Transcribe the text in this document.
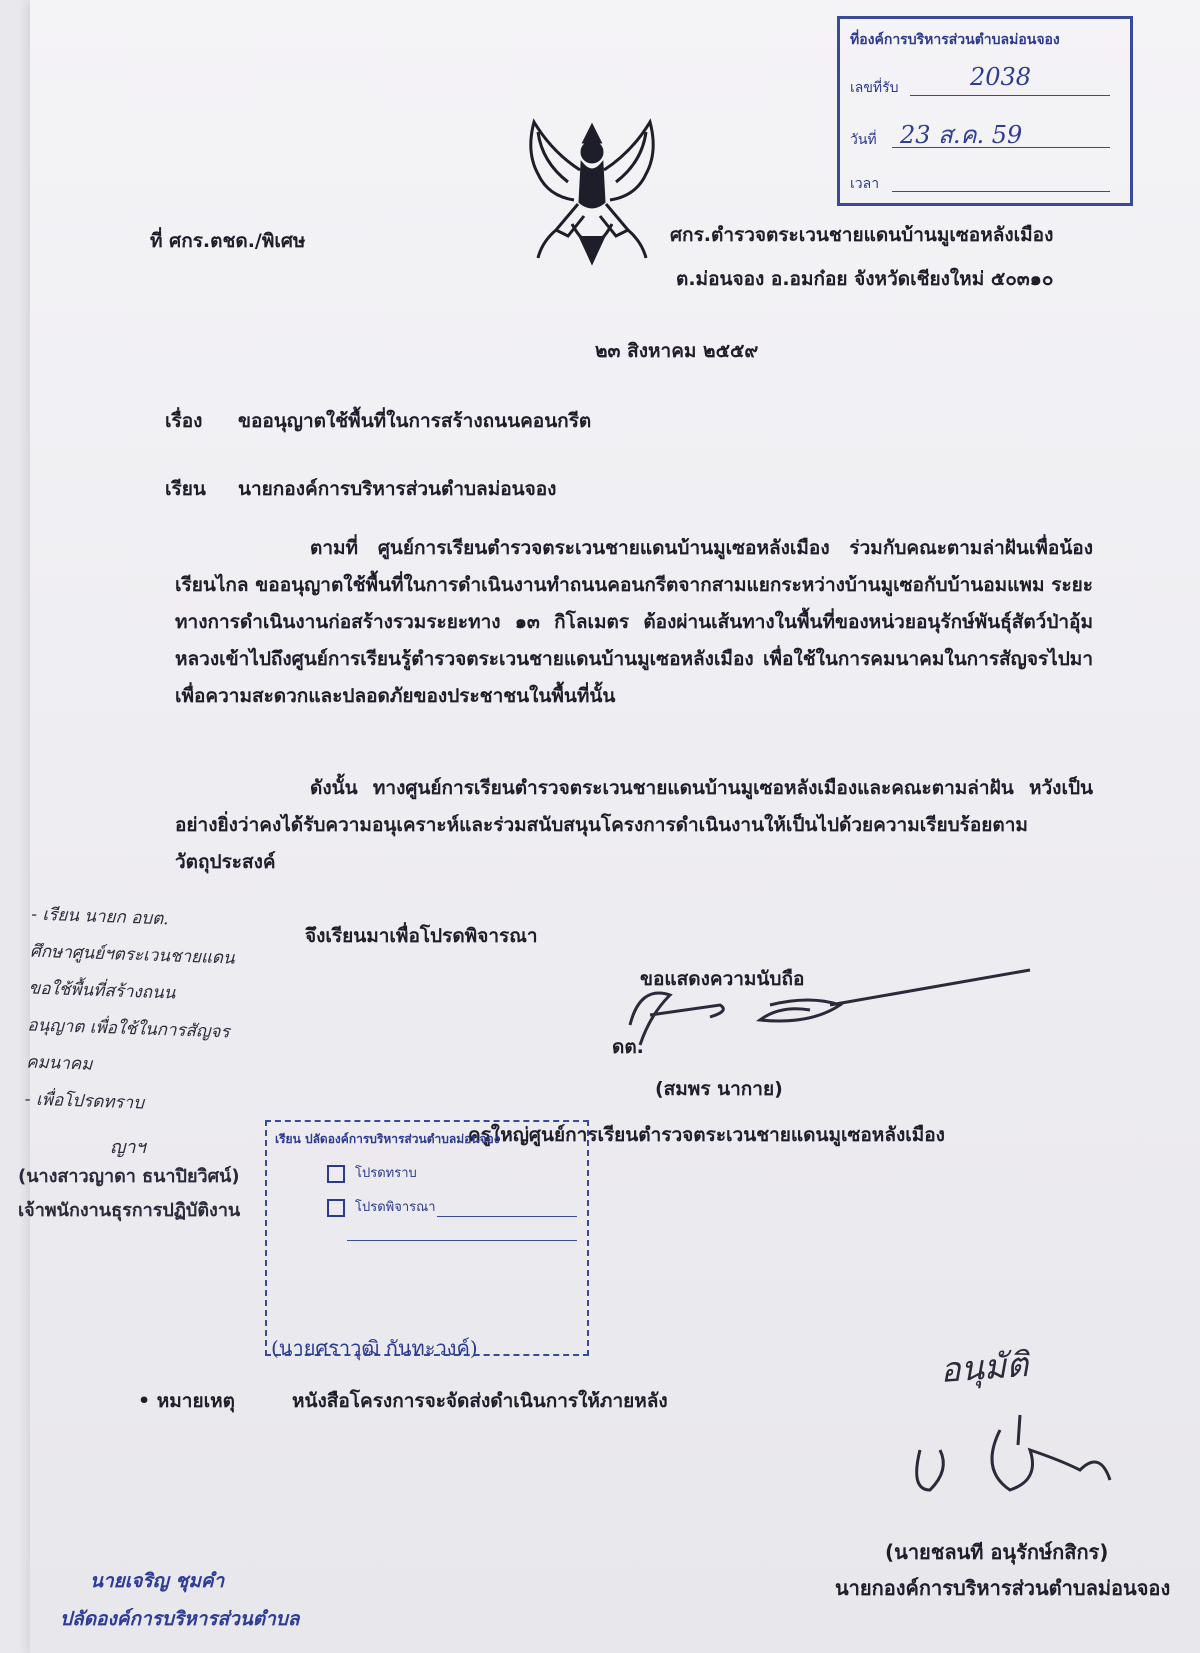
ที่องค์การบริหารส่วนตำบลม่อนจอง
เลขที่รับ	2038
วันที่ 23 ส.ค. 59
เวลา
ที่ ศกร.ตชด./พิเศษ	ศกร.ตำรวจตระเวนชายแดนบ้านมูเซอหลังเมือง
ต.ม่อนจอง อ.อมก๋อย จังหวัดเชียงใหม่ ๕๐๓๑๐
๒๓ สิงหาคม ๒๕๕๙
เรื่อง ขออนุญาตใช้พื้นที่ในการสร้างถนนคอนกรีต
เรียน นายกองค์การบริหารส่วนตำบลม่อนจอง
ตามที่ ศูนย์การเรียนตำรวจตระเวนชายแดนบ้านมูเซอหลังเมือง ร่วมกับคณะตามล่าฝันเพื่อน้องเรียนไกล ขออนุญาตใช้พื้นที่ในการดำเนินงานทำถนนคอนกรีตจากสามแยกระหว่างบ้านมูเซอกับบ้านอมแพม ระยะทางการดำเนินงานก่อสร้างรวมระยะทาง ๑๓ กิโลเมตร ต้องผ่านเส้นทางในพื้นที่ของหน่วยอนุรักษ์พันธุ์สัตว์ป่าอุ้มหลวงเข้าไปถึงศูนย์การเรียนรู้ตำรวจตระเวนชายแดนบ้านมูเซอหลังเมือง เพื่อใช้ในการคมนาคมในการสัญจรไปมาเพื่อความสะดวกและปลอดภัยของประชาชนในพื้นที่นั้น
ดังนั้น ทางศูนย์การเรียนตำรวจตระเวนชายแดนบ้านมูเซอหลังเมืองและคณะตามล่าฝัน หวังเป็นอย่างยิ่งว่าคงได้รับความอนุเคราะห์และร่วมสนับสนุนโครงการดำเนินงานให้เป็นไปด้วยความเรียบร้อยตามวัตถุประสงค์
จึงเรียนมาเพื่อโปรดพิจารณา
ขอแสดงความนับถือ
ดต.
(สมพร นากาย)
ครูใหญ่ศูนย์การเรียนตำรวจตระเวนชายแดนมูเซอหลังเมือง
- เรียน นายก อบต.
ศึกษาศูนย์ฯตระเวนชายแดน
ขอใช้พื้นที่สร้างถนน
อนุญาต เพื่อใช้ในการสัญจร
คมนาคม
- เพื่อโปรดทราบ
ญาฯ
(นางสาวญาดา ธนาปิยวิศน์)
เจ้าพนักงานธุรการปฏิบัติงาน
เรียน ปลัดองค์การบริหารส่วนตำบลม่อนจอง
โปรดทราบ
โปรดพิจารณา
(นายศราวุฒิ กันทะวงค์)
• หมายเหตุ	หนังสือโครงการจะจัดส่งดำเนินการให้ภายหลัง
อนุมัติ
(นายชลนที อนุรักษ์กสิกร)
นายกองค์การบริหารส่วนตำบลม่อนจอง
นายเจริญ ชุมคำ
ปลัดองค์การบริหารส่วนตำบล
